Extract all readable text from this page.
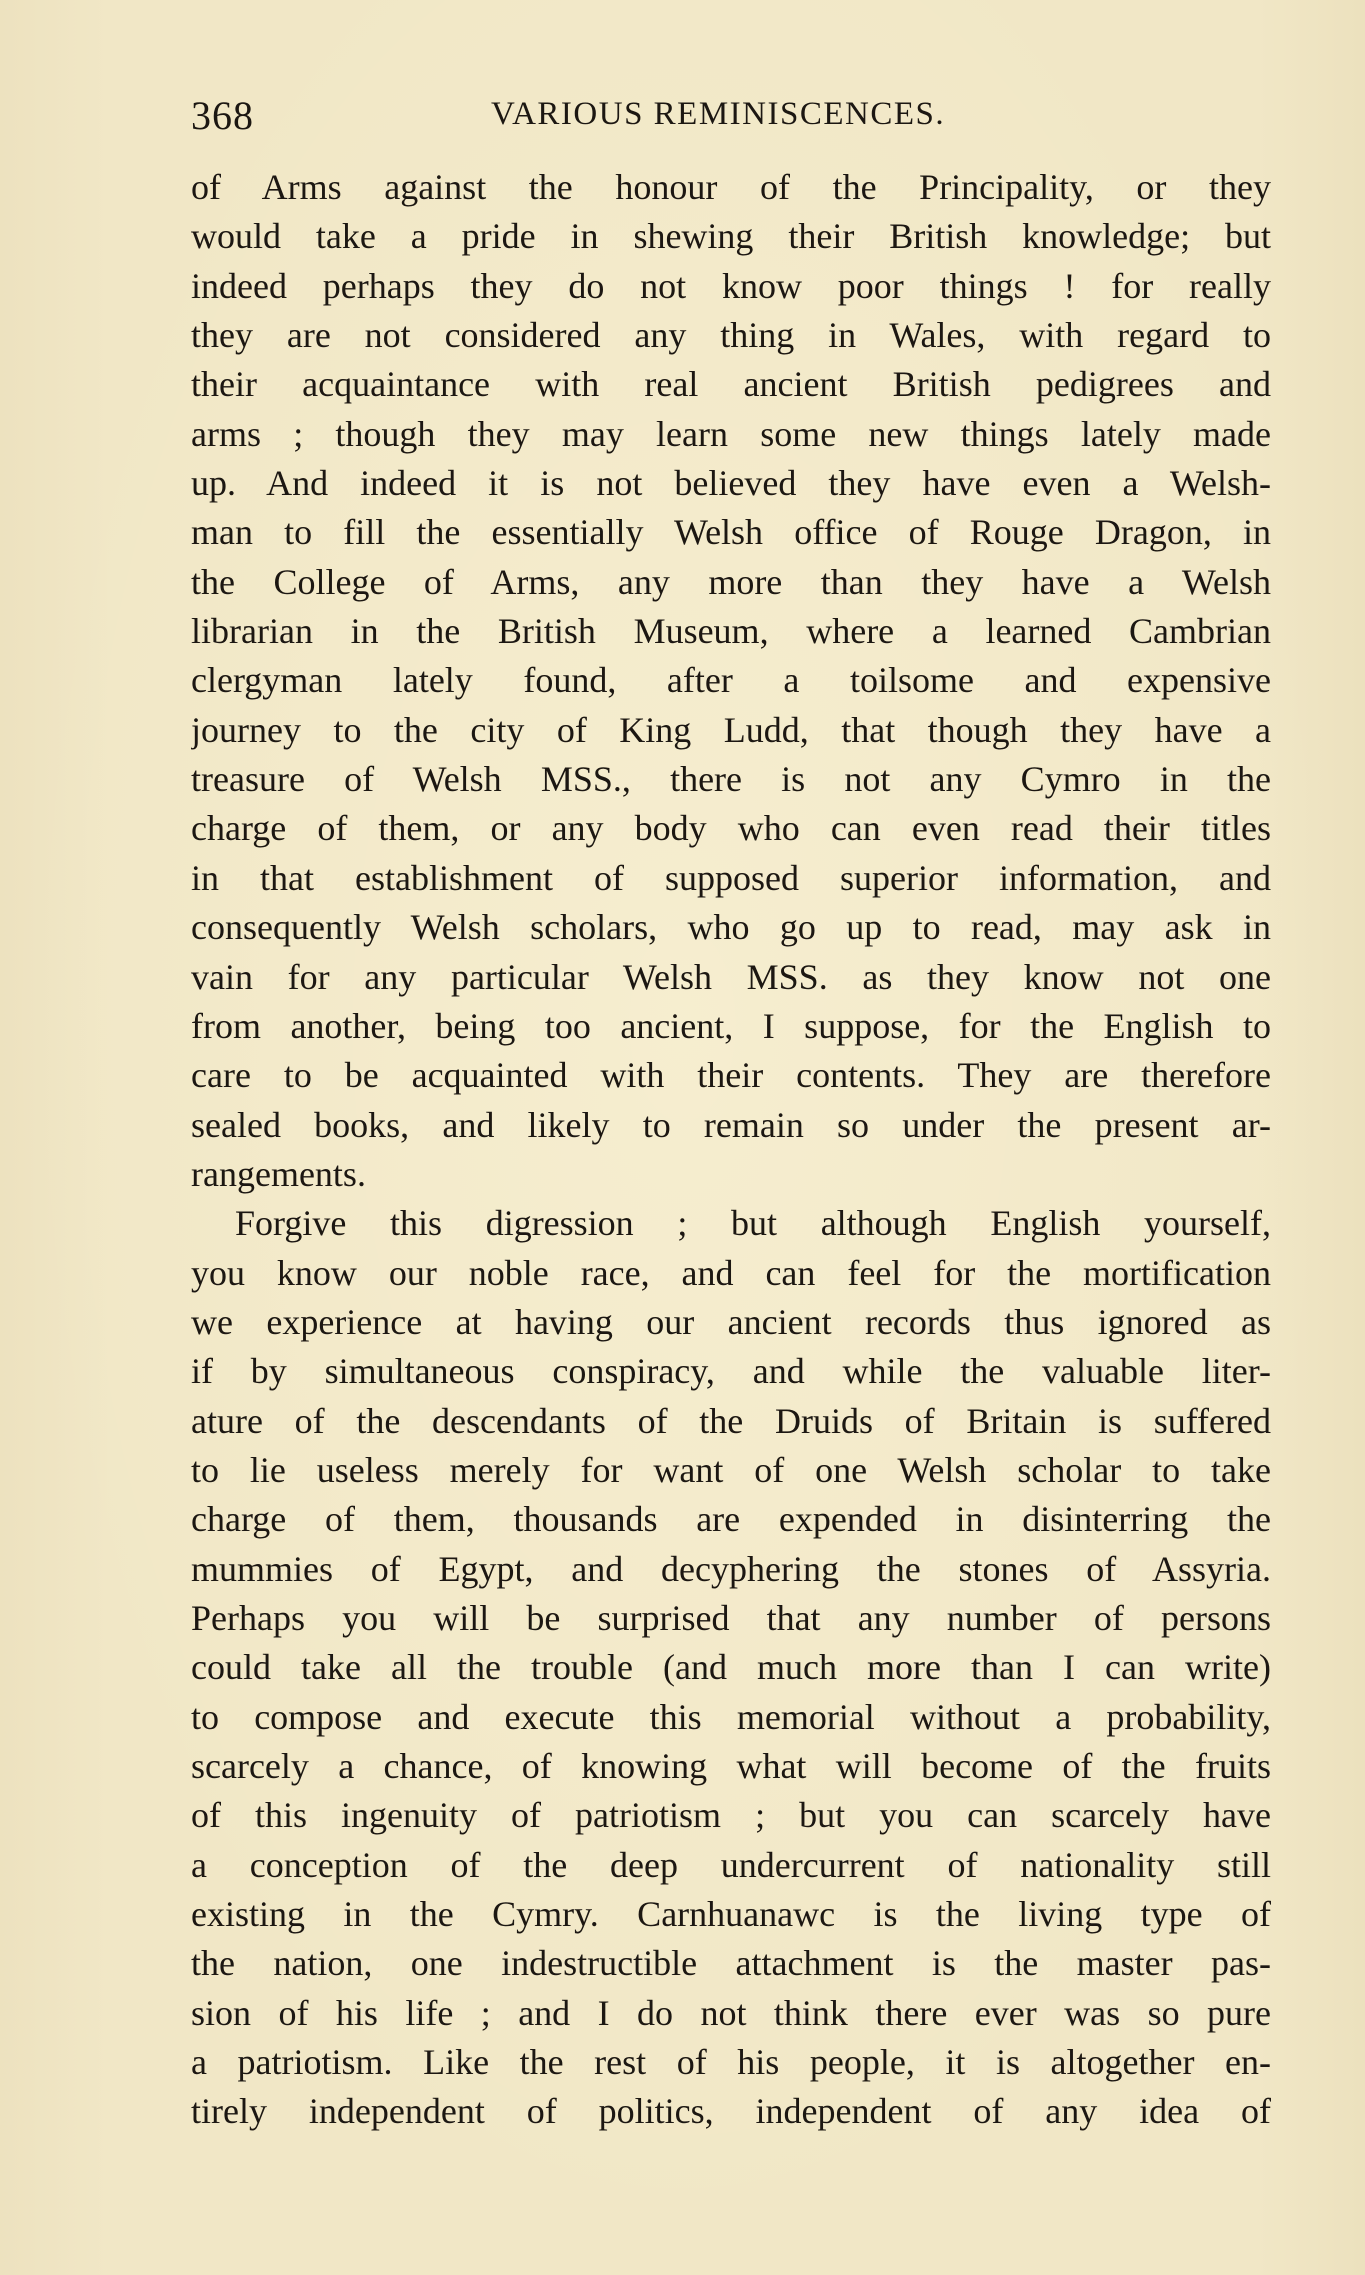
368	VARIOUS REMINISCENCES.
of Arms against the honour of the Principality, or they
would take a pride in shewing their British knowledge; but
indeed perhaps they do not know poor things ! for really
they are not considered any thing in Wales, with regard to
their acquaintance with real ancient British pedigrees and
arms ; though they may learn some new things lately made
up. And indeed it is not believed they have even a Welsh-
man to fill the essentially Welsh office of Rouge Dragon, in
the College of Arms, any more than they have a Welsh
librarian in the British Museum, where a learned Cambrian
clergyman lately found, after a toilsome and expensive
journey to the city of King Ludd, that though they have a
treasure of Welsh MSS., there is not any Cymro in the
charge of them, or any body who can even read their titles
in that establishment of supposed superior information, and
consequently Welsh scholars, who go up to read, may ask in
vain for any particular Welsh MSS. as they know not one
from another, being too ancient, I suppose, for the English to
care to be acquainted with their contents. They are therefore
sealed books, and likely to remain so under the present ar-
rangements.
Forgive this digression ; but although English yourself,
you know our noble race, and can feel for the mortification
we experience at having our ancient records thus ignored as
if by simultaneous conspiracy, and while the valuable liter-
ature of the descendants of the Druids of Britain is suffered
to lie useless merely for want of one Welsh scholar to take
charge of them, thousands are expended in disinterring the
mummies of Egypt, and decyphering the stones of Assyria.
Perhaps you will be surprised that any number of persons
could take all the trouble (and much more than I can write)
to compose and execute this memorial without a probability,
scarcely a chance, of knowing what will become of the fruits
of this ingenuity of patriotism ; but you can scarcely have
a conception of the deep undercurrent of nationality still
existing in the Cymry. Carnhuanawc is the living type of
the nation, one indestructible attachment is the master pas-
sion of his life ; and I do not think there ever was so pure
a patriotism. Like the rest of his people, it is altogether en-
tirely independent of politics, independent of any idea of
